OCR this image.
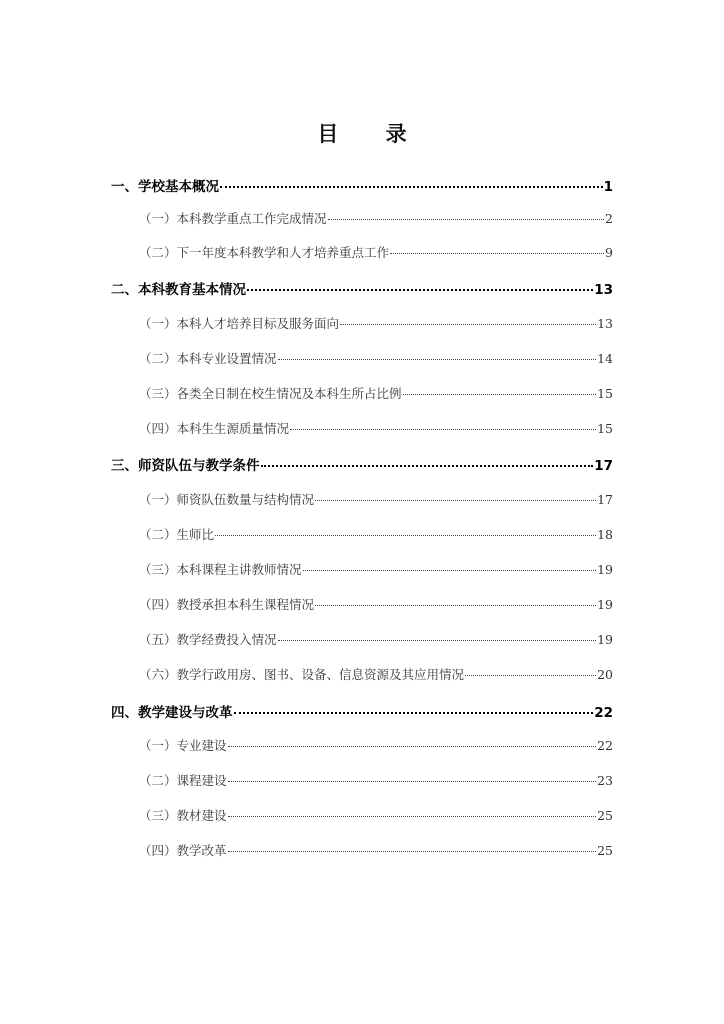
目 录
一、学校基本概况	1
（一）本科教学重点工作完成情况	2
（二）下一年度本科教学和人才培养重点工作	9
二、本科教育基本情况	13
（一）本科人才培养目标及服务面向	13
（二）本科专业设置情况	14
（三）各类全日制在校生情况及本科生所占比例	15
（四）本科生生源质量情况	15
三、师资队伍与教学条件	17
（一）师资队伍数量与结构情况	17
（二）生师比	18
（三）本科课程主讲教师情况	19
（四）教授承担本科生课程情况	19
（五）教学经费投入情况	19
（六）教学行政用房、图书、设备、信息资源及其应用情况	20
四、教学建设与改革	22
（一）专业建设	22
（二）课程建设	23
（三）教材建设	25
（四）教学改革	25
